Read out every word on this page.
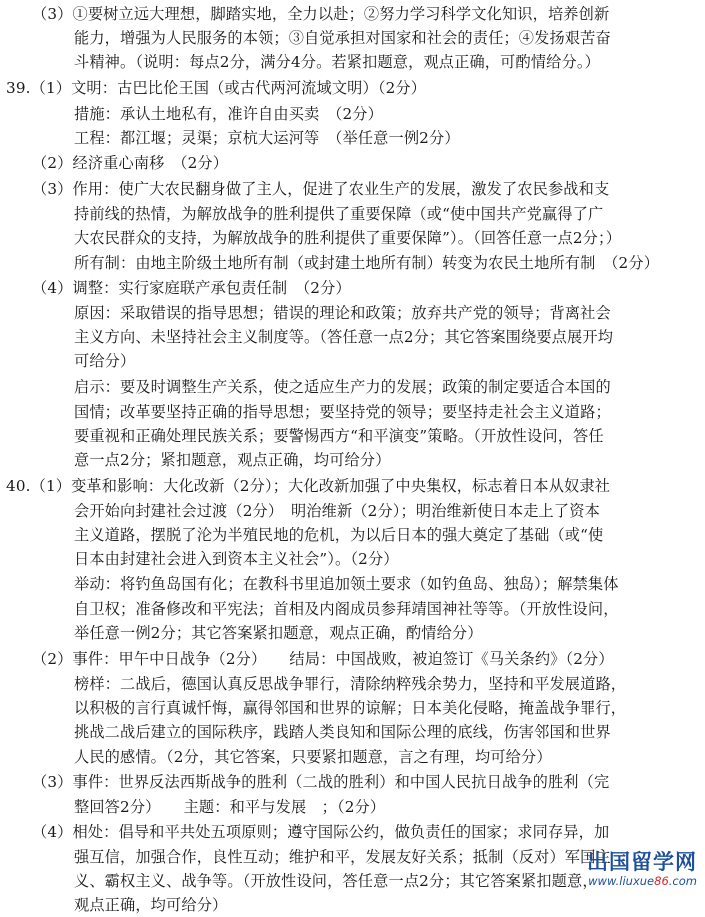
（3）①要树立远大理想，脚踏实地，全力以赴；②努力学习科学文化知识，培养创新
能力，增强为人民服务的本领；③自觉承担对国家和社会的责任；④发扬艰苦奋
斗精神。（说明：每点2分，满分4分。若紧扣题意，观点正确，可酌情给分。）
39.（1）文明：古巴比伦王国（或古代两河流域文明）（2分）
措施：承认土地私有，准许自由买卖　（2分）
工程：都江堰；灵渠；京杭大运河等　（举任意一例2分）
（2）经济重心南移　（2分）
（3）作用：使广大农民翻身做了主人，促进了农业生产的发展，激发了农民参战和支
持前线的热情，为解放战争的胜利提供了重要保障（或“使中国共产党赢得了广
大农民群众的支持，为解放战争的胜利提供了重要保障”）。（回答任意一点2分；）
所有制：由地主阶级土地所有制（或封建土地所有制）转变为农民土地所有制　（2分）
（4）调整：实行家庭联产承包责任制　（2分）
原因：采取错误的指导思想；错误的理论和政策；放弃共产党的领导；背离社会
主义方向、未坚持社会主义制度等。（答任意一点2分；其它答案围绕要点展开均
可给分）
启示：要及时调整生产关系，使之适应生产力的发展；政策的制定要适合本国的
国情；改革要坚持正确的指导思想；要坚持党的领导；要坚持走社会主义道路；
要重视和正确处理民族关系；要警惕西方“和平演变”策略。（开放性设问，答任
意一点2分；紧扣题意，观点正确，均可给分）
40.（1）变革和影响：大化改新（2分）；大化改新加强了中央集权，标志着日本从奴隶社
会开始向封建社会过渡（2分）　明治维新（2分）；明治维新使日本走上了资本
主义道路，摆脱了沦为半殖民地的危机，为以后日本的强大奠定了基础（或“使
日本由封建社会进入到资本主义社会”）。（2分）
举动：将钓鱼岛国有化；在教科书里追加领土要求（如钓鱼岛、独岛）；解禁集体
自卫权；准备修改和平宪法；首相及内阁成员参拜靖国神社等等。（开放性设问，
举任意一例2分；其它答案紧扣题意，观点正确，酌情给分）
（2）事件：甲午中日战争（2分）　　结局：中国战败，被迫签订《马关条约》（2分）
榜样：二战后，德国认真反思战争罪行，清除纳粹残余势力，坚持和平发展道路，
以积极的言行真诚忏悔，赢得邻国和世界的谅解；日本美化侵略，掩盖战争罪行，
挑战二战后建立的国际秩序，践踏人类良知和国际公理的底线，伤害邻国和世界
人民的感情。（2分，其它答案，只要紧扣题意，言之有理，均可给分）
（3）事件：世界反法西斯战争的胜利（二战的胜利）和中国人民抗日战争的胜利（完
整回答2分）　　主题：和平与发展　；（2分）
（4）相处：倡导和平共处五项原则；遵守国际公约，做负责任的国家；求同存异，加
强互信，加强合作，良性互动；维护和平，发展友好关系；抵制（反对）军国主
义、霸权主义、战争等。（开放性设问，答任意一点2分；其它答案紧扣题意，
观点正确，均可给分）
出国留学网
www.liuxue86.com
